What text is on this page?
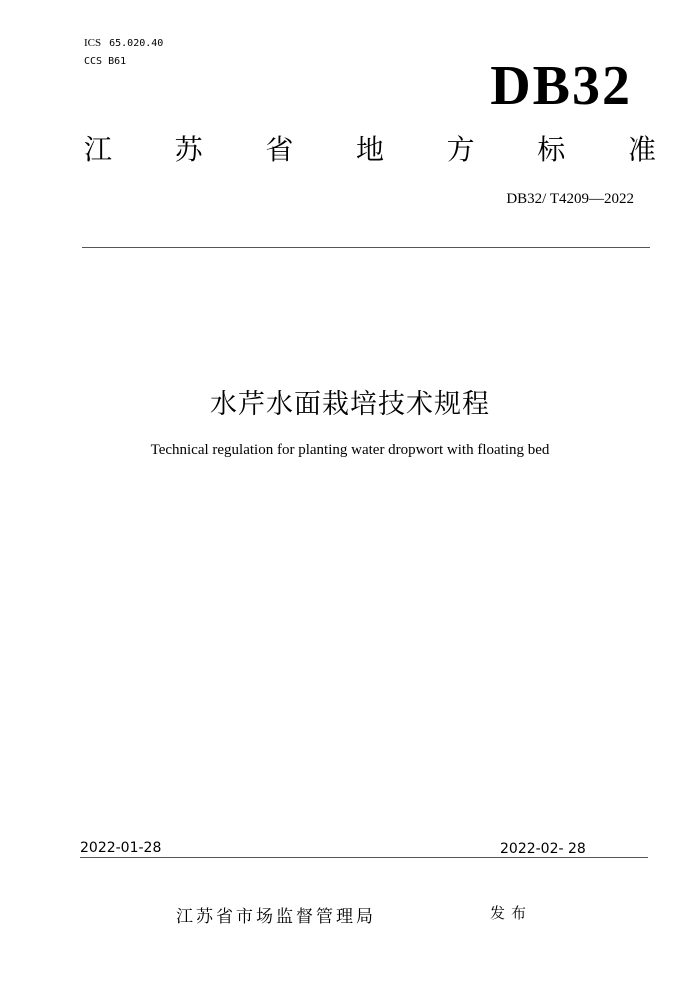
ICS 65.020.40
CCS B61	DB32
江 苏 省 地 方 标 准
DB32/ T4209—2022
水芹水面栽培技术规程
Technical regulation for planting water dropwort with floating bed
2022-01-28	2022-02- 28
江苏省市场监督管理局	发布
